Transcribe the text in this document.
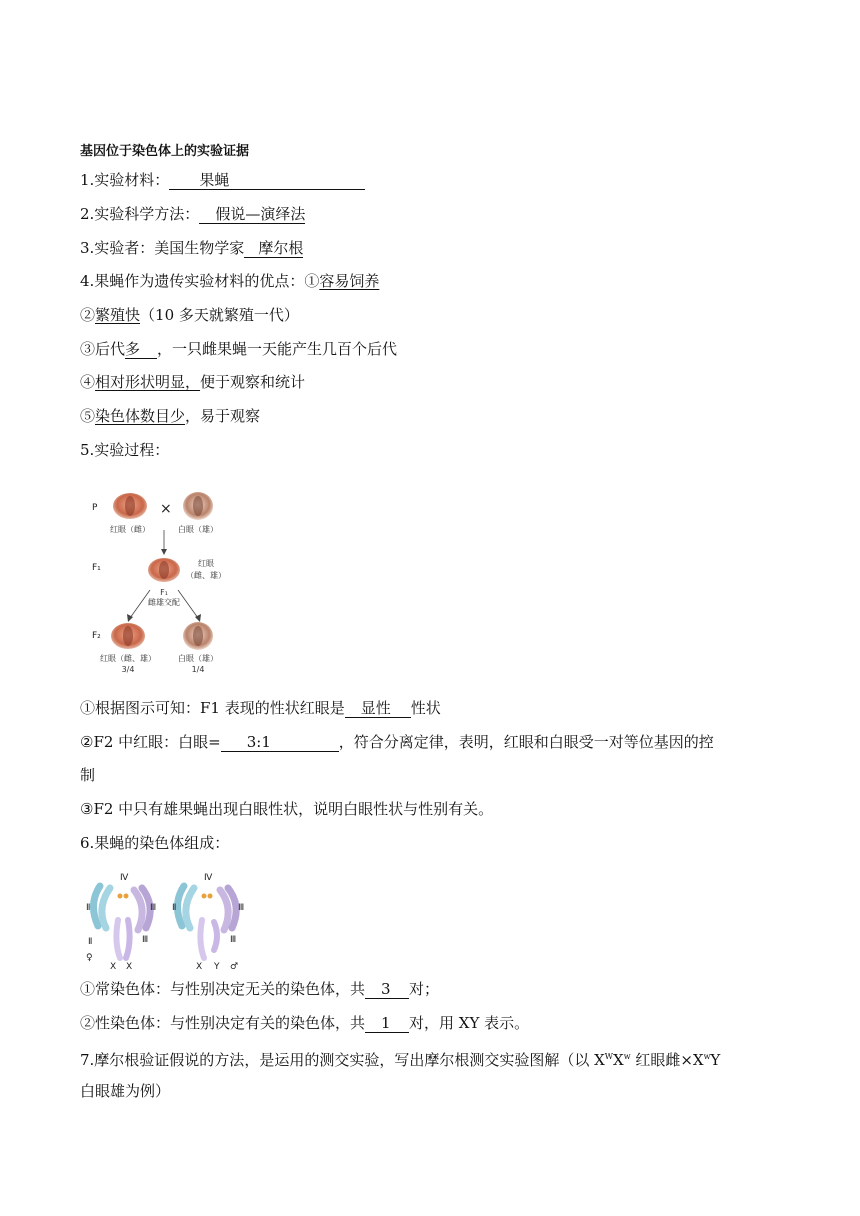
基因位于染色体上的实验证据
1.实验材料： 果蝇
2.实验科学方法： 假说—演绎法
3.实验者：美国生物学家 摩尔根
4.果蝇作为遗传实验材料的优点：①容易饲养
②繁殖快（10 多天就繁殖一代）
③后代多 ，一只雌果蝇一天能产生几百个后代
④相对形状明显，便于观察和统计
⑤染色体数目少，易于观察
5.实验过程：
P
F₁
F₂
×
红眼（雌）	白眼（雄）
红眼
（雌、雄）
F₁
雌雄交配
红眼（雌、雄）
3/4
白眼（雄）
1/4
①根据图示可知：F1 表现的性状红眼是 显性 性状
②F2 中红眼：白眼= 3:1	，符合分离定律，表明，红眼和白眼受一对等位基因的控
制
③F2 中只有雄果蝇出现白眼性状，说明白眼性状与性别有关。
6.果蝇的染色体组成：
Ⅳ
Ⅱ	Ⅲ
Ⅲ
Ⅱ
♀
X X
Ⅳ
Ⅱ	Ⅲ
Ⅲ
X Y ♂
①常染色体：与性别决定无关的染色体，共 3 对；
②性染色体：与性别决定有关的染色体，共 1 对，用 XY 表示。
7.摩尔根验证假说的方法，是运用的测交实验，写出摩尔根测交实验图解（以 $X^WX^w$ 红眼雌$\times X^wY$
白眼雄为例）
